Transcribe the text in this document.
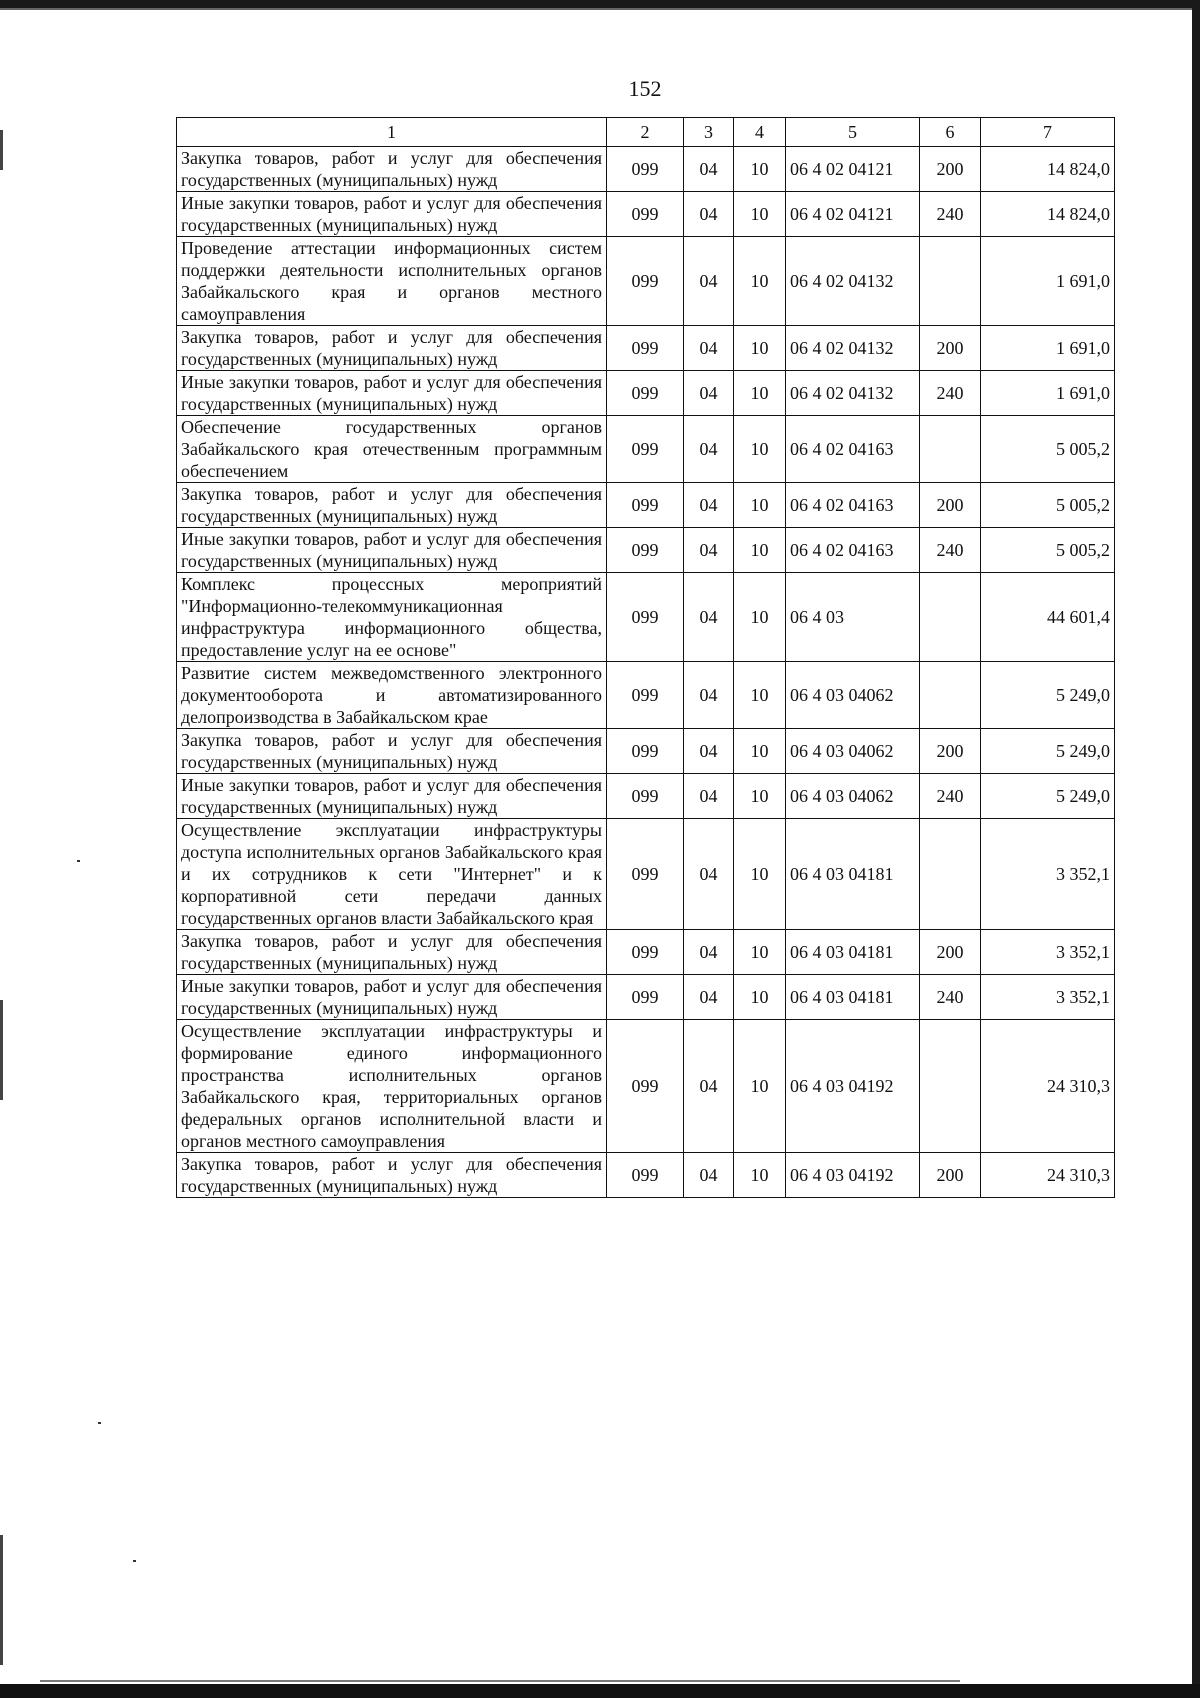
152
1	2	3	4	5	6	7
Закупка товаров, работ и услуг для обеспечения государственных (муниципальных) нужд	099	04	10	06 4 02 04121	200	14 824,0
Иные закупки товаров, работ и услуг для обеспечения государственных (муниципальных) нужд	099	04	10	06 4 02 04121	240	14 824,0
Проведение аттестации информационных систем поддержки деятельности исполнительных органов Забайкальского края и органов местного самоуправления	099	04	10	06 4 02 04132		1 691,0
Закупка товаров, работ и услуг для обеспечения государственных (муниципальных) нужд	099	04	10	06 4 02 04132	200	1 691,0
Иные закупки товаров, работ и услуг для обеспечения государственных (муниципальных) нужд	099	04	10	06 4 02 04132	240	1 691,0
Обеспечение государственных органов Забайкальского края отечественным программным обеспечением	099	04	10	06 4 02 04163		5 005,2
Закупка товаров, работ и услуг для обеспечения государственных (муниципальных) нужд	099	04	10	06 4 02 04163	200	5 005,2
Иные закупки товаров, работ и услуг для обеспечения государственных (муниципальных) нужд	099	04	10	06 4 02 04163	240	5 005,2
Комплекс процессных мероприятий "Информационно-телекоммуникационная инфраструктура информационного общества, предоставление услуг на ее основе"	099	04	10	06 4 03		44 601,4
Развитие систем межведомственного электронного документооборота и автоматизированного делопроизводства в Забайкальском крае	099	04	10	06 4 03 04062		5 249,0
Закупка товаров, работ и услуг для обеспечения государственных (муниципальных) нужд	099	04	10	06 4 03 04062	200	5 249,0
Иные закупки товаров, работ и услуг для обеспечения государственных (муниципальных) нужд	099	04	10	06 4 03 04062	240	5 249,0
Осуществление эксплуатации инфраструктуры доступа исполнительных органов Забайкальского края и их сотрудников к сети "Интернет" и к корпоративной сети передачи данных государственных органов власти Забайкальского края	099	04	10	06 4 03 04181		3 352,1
Закупка товаров, работ и услуг для обеспечения государственных (муниципальных) нужд	099	04	10	06 4 03 04181	200	3 352,1
Иные закупки товаров, работ и услуг для обеспечения государственных (муниципальных) нужд	099	04	10	06 4 03 04181	240	3 352,1
Осуществление эксплуатации инфраструктуры и формирование единого информационного пространства исполнительных органов Забайкальского края, территориальных органов федеральных органов исполнительной власти и органов местного самоуправления	099	04	10	06 4 03 04192		24 310,3
Закупка товаров, работ и услуг для обеспечения государственных (муниципальных) нужд	099	04	10	06 4 03 04192	200	24 310,3
